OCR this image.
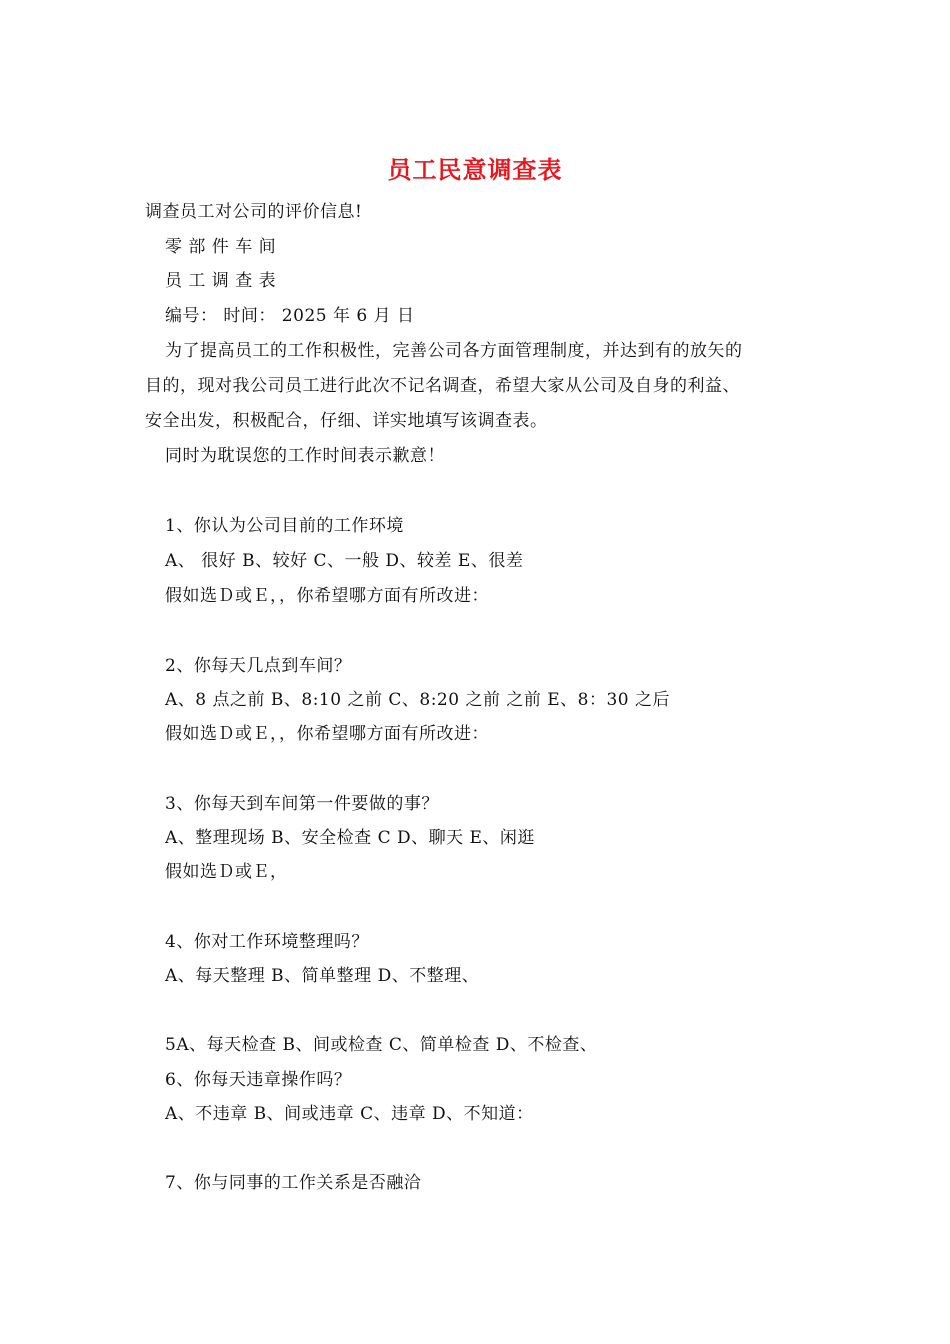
员工民意调查表
调查员工对公司的评价信息!
零 部 件 车 间
员 工 调 查 表
编号： 时间： 2025 年 6 月 日
为了提高员工的工作积极性，完善公司各方面管理制度，并达到有的放矢的
目的，现对我公司员工进行此次不记名调查，希望大家从公司及自身的利益、
安全出发，积极配合，仔细、详实地填写该调查表。
同时为耽误您的工作时间表示歉意！
1、你认为公司目前的工作环境
A、 很好 B、较好 C、一般 D、较差 E、很差
假如选Ｄ或Ｅ，，你希望哪方面有所改进：
2、你每天几点到车间？
A、8 点之前 B、8:10 之前 C、8:20 之前 之前 E、8：30 之后
假如选Ｄ或Ｅ，，你希望哪方面有所改进：
3、你每天到车间第一件要做的事？
A、整理现场 B、安全检查 C D、聊天 E、闲逛
假如选Ｄ或Ｅ，
4、你对工作环境整理吗？
A、每天整理 B、简单整理 D、不整理、
5A、每天检查 B、间或检查 C、简单检查 D、不检查、
6、你每天违章操作吗？
A、不违章 B、间或违章 C、违章 D、不知道：
7、你与同事的工作关系是否融洽
